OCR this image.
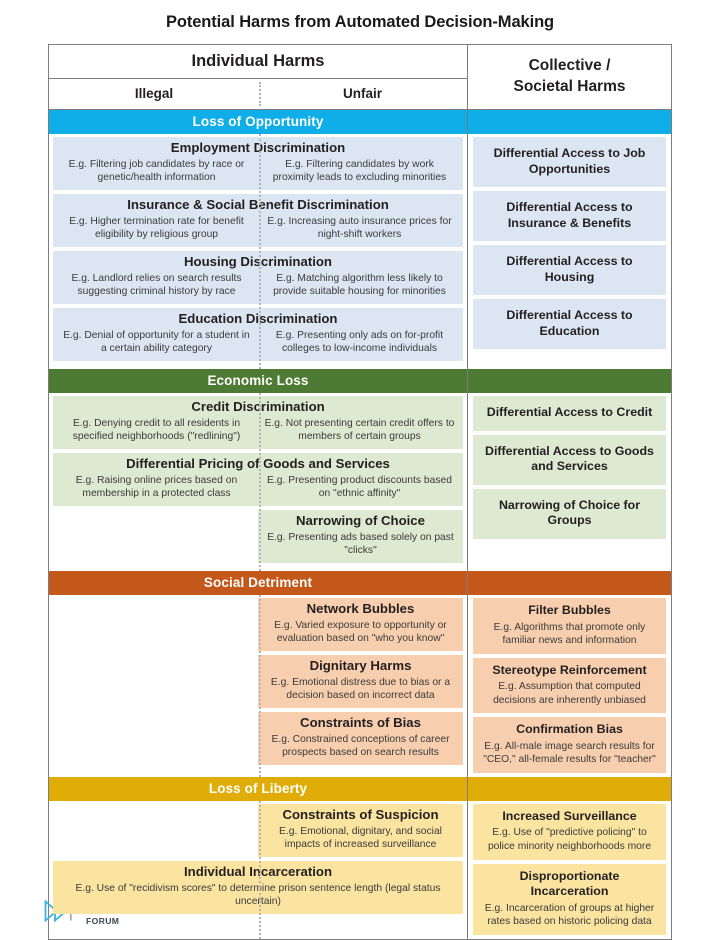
Potential Harms from Automated Decision-Making
Individual Harms
Illegal	Unfair
Collective /
Societal Harms
Loss of Opportunity

Employment Discrimination
E.g. Filtering job candidates by race or genetic/health information
E.g. Filtering candidates by work proximity leads to excluding minorities
Insurance & Social Benefit Discrimination
E.g. Higher termination rate for benefit eligibility by religious group
E.g. Increasing auto insurance prices for night-shift workers
Housing Discrimination
E.g. Landlord relies on search results suggesting criminal history by race
E.g. Matching algorithm less likely to provide suitable housing for minorities
Education Discrimination
E.g. Denial of opportunity for a student in a certain ability category
E.g. Presenting only ads on for-profit colleges to low-income individuals
Differential Access to Job Opportunities
Differential Access to Insurance & Benefits
Differential Access to Housing
Differential Access to Education
Economic Loss

Credit Discrimination
E.g. Denying credit to all residents in specified neighborhoods ("redlining")
E.g. Not presenting certain credit offers to members of certain groups
Differential Pricing of Goods and Services
E.g. Raising online prices based on membership in a protected class
E.g. Presenting product discounts based on "ethnic affinity"
Narrowing of Choice
E.g. Presenting ads based solely on past "clicks"
Differential Access to Credit
Differential Access to Goods and Services
Narrowing of Choice for Groups
Social Detriment

Network Bubbles
E.g. Varied exposure to opportunity or evaluation based on "who you know"
Dignitary Harms
E.g. Emotional distress due to bias or a decision based on incorrect data
Constraints of Bias
E.g. Constrained conceptions of career prospects based on search results
Filter Bubbles
E.g. Algorithms that promote only familiar news and information
Stereotype Reinforcement
E.g. Assumption that computed decisions are inherently unbiased
Confirmation Bias
E.g. All-male image search results for "CEO," all-female results for "teacher"
Loss of Liberty

Constraints of Suspicion
E.g. Emotional, dignitary, and social impacts of increased surveillance
Individual Incarceration
E.g. Use of "recidivism scores" to determine prison sentence length (legal status uncertain)
Increased Surveillance
E.g. Use of "predictive policing" to police minority neighborhoods more
Disproportionate Incarceration
E.g. Incarceration of groups at higher rates based on historic policing data
FORUM
